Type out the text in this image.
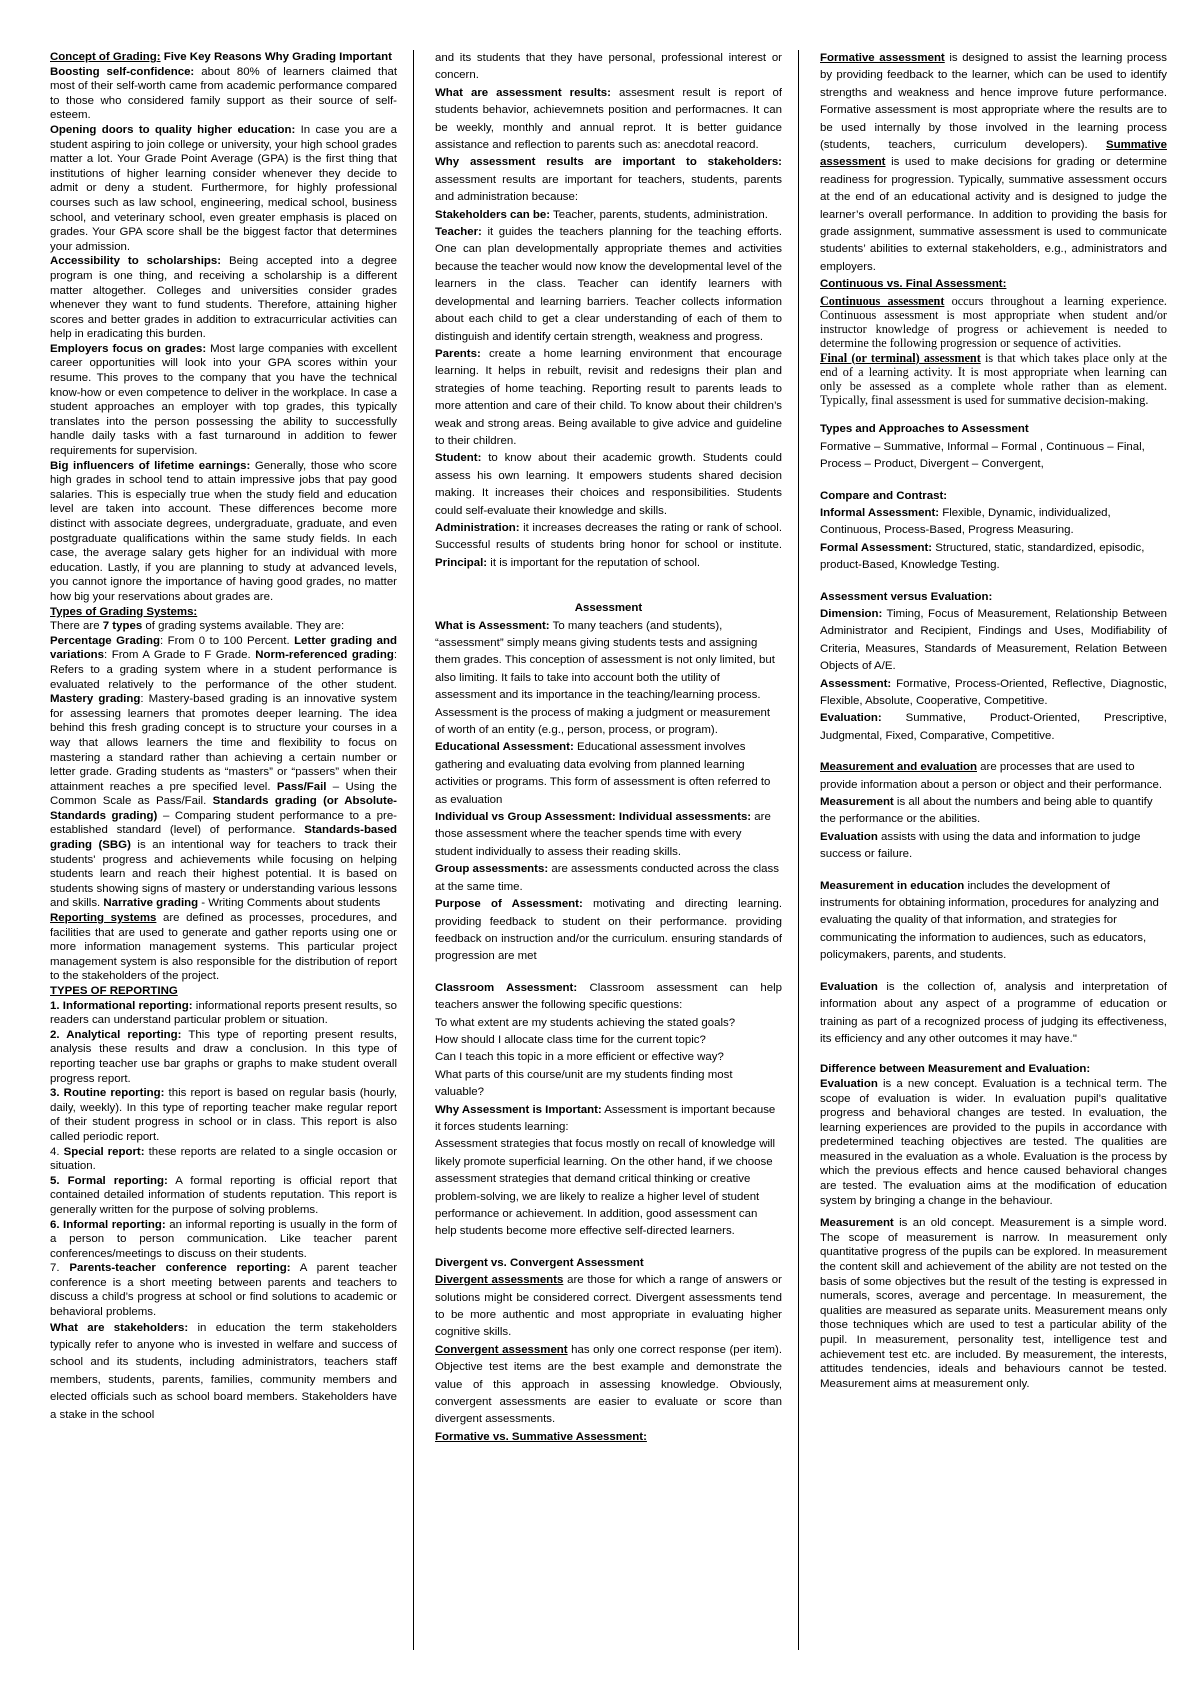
Concept of Grading: Five Key Reasons Why Grading Important

Boosting self-confidence: about 80% of learners claimed that most of their self-worth came from academic performance compared to those who considered family support as their source of self-esteem.

Opening doors to quality higher education: In case you are a student aspiring to join college or university, your high school grades matter a lot. Your Grade Point Average (GPA) is the first thing that institutions of higher learning consider whenever they decide to admit or deny a student. Furthermore, for highly professional courses such as law school, engineering, medical school, business school, and veterinary school, even greater emphasis is placed on grades. Your GPA score shall be the biggest factor that determines your admission.

Accessibility to scholarships: Being accepted into a degree program is one thing, and receiving a scholarship is a different matter altogether. Colleges and universities consider grades whenever they want to fund students. Therefore, attaining higher scores and better grades in addition to extracurricular activities can help in eradicating this burden.

Employers focus on grades: Most large companies with excellent career opportunities will look into your GPA scores within your resume. This proves to the company that you have the technical know-how or even competence to deliver in the workplace. In case a student approaches an employer with top grades, this typically translates into the person possessing the ability to successfully handle daily tasks with a fast turnaround in addition to fewer requirements for supervision.

Big influencers of lifetime earnings: Generally, those who score high grades in school tend to attain impressive jobs that pay good salaries. This is especially true when the study field and education level are taken into account. These differences become more distinct with associate degrees, undergraduate, graduate, and even postgraduate qualifications within the same study fields. In each case, the average salary gets higher for an individual with more education. Lastly, if you are planning to study at advanced levels, you cannot ignore the importance of having good grades, no matter how big your reservations about grades are.

Types of Grading Systems:

There are 7 types of grading systems available. They are:

Percentage Grading: From 0 to 100 Percent. Letter grading and variations: From A Grade to F Grade. Norm-referenced grading: Refers to a grading system where in a student performance is evaluated relatively to the performance of the other student. Mastery grading: Mastery-based grading is an innovative system for assessing learners that promotes deeper learning. The idea behind this fresh grading concept is to structure your courses in a way that allows learners the time and flexibility to focus on mastering a standard rather than achieving a certain number or letter grade. Grading students as “masters” or “passers” when their attainment reaches a pre specified level. Pass/Fail – Using the Common Scale as Pass/Fail. Standards grading (or Absolute-Standards grading) – Comparing student performance to a pre-established standard (level) of performance. Standards-based grading (SBG) is an intentional way for teachers to track their students' progress and achievements while focusing on helping students learn and reach their highest potential. It is based on students showing signs of mastery or understanding various lessons and skills. Narrative grading - Writing Comments about students

Reporting systems are defined as processes, procedures, and facilities that are used to generate and gather reports using one or more information management systems. This particular project management system is also responsible for the distribution of report to the stakeholders of the project.

TYPES OF REPORTING

1. Informational reporting: informational reports present results, so readers can understand particular problem or situation.

2. Analytical reporting: This type of reporting present results, analysis these results and draw a conclusion. In this type of reporting teacher use bar graphs or graphs to make student overall progress report.

3. Routine reporting: this report is based on regular basis (hourly, daily, weekly). In this type of reporting teacher make regular report of their student progress in school or in class. This report is also called periodic report.

4. Special report: these reports are related to a single occasion or situation.

5. Formal reporting: A formal reporting is official report that contained detailed information of students reputation. This report is generally written for the purpose of solving problems.

6. Informal reporting: an informal reporting is usually in the form of a person to person communication. Like teacher parent conferences/meetings to discuss on their students.

7. Parents-teacher conference reporting: A parent teacher conference is a short meeting between parents and teachers to discuss a child’s progress at school or find solutions to academic or behavioral problems.

What are stakeholders: in education the term stakeholders typically refer to anyone who is invested in welfare and success of school and its students, including administrators, teachers staff members, students, parents, families, community members and elected officials such as school board members. Stakeholders have a stake in the school

and its students that they have personal, professional interest or concern.

What are assessment results: assesment result is report of students behavior, achievemnets position and performacnes. It can be weekly, monthly and annual reprot. It is better guidance assistance and reflection to parents such as: anecdotal reacord.

Why assessment results are important to stakeholders: assessment results are important for teachers, students, parents and administration because:

Stakeholders can be: Teacher, parents, students, administration.

Teacher: it guides the teachers planning for the teaching efforts. One can plan developmentally appropriate themes and activities because the teacher would now know the developmental level of the learners in the class. Teacher can identify learners with developmental and learning barriers. Teacher collects information about each child to get a clear understanding of each of them to distinguish and identify certain strength, weakness and progress.

Parents: create a home learning environment that encourage learning. It helps in rebuilt, revisit and redesigns their plan and strategies of home teaching. Reporting result to parents leads to more attention and care of their child. To know about their children’s weak and strong areas. Being available to give advice and guideline to their children.

Student: to know about their academic growth. Students could assess his own learning. It empowers students shared decision making. It increases their choices and responsibilities. Students could self-evaluate their knowledge and skills.

Administration: it increases decreases the rating or rank of school. Successful results of students bring honor for school or institute. Principal: it is important for the reputation of school.

Assessment

What is Assessment: To many teachers (and students), “assessment” simply means giving students tests and assigning them grades. This conception of assessment is not only limited, but also limiting. It fails to take into account both the utility of assessment and its importance in the teaching/learning process. Assessment is the process of making a judgment or measurement of worth of an entity (e.g., person, process, or program).

Educational Assessment: Educational assessment involves gathering and evaluating data evolving from planned learning activities or programs. This form of assessment is often referred to as evaluation

Individual vs Group Assessment: Individual assessments: are those assessment where the teacher spends time with every student individually to assess their reading skills.

Group assessments: are assessments conducted across the class at the same time.

Purpose of Assessment: motivating and directing learning. providing feedback to student on their performance. providing feedback on instruction and/or the curriculum. ensuring standards of progression are met

Classroom Assessment: Classroom assessment can help teachers answer the following specific questions:

To what extent are my students achieving the stated goals?

How should I allocate class time for the current topic?

Can I teach this topic in a more efficient or effective way?

What parts of this course/unit are my students finding most valuable?

Why Assessment is Important: Assessment is important because it forces students learning:

Assessment strategies that focus mostly on recall of knowledge will likely promote superficial learning. On the other hand, if we choose assessment strategies that demand critical thinking or creative problem-solving, we are likely to realize a higher level of student performance or achievement. In addition, good assessment can help students become more effective self-directed learners.

Divergent vs. Convergent Assessment

Divergent assessments are those for which a range of answers or solutions might be considered correct. Divergent assessments tend to be more authentic and most appropriate in evaluating higher cognitive skills.

Convergent assessment has only one correct response (per item). Objective test items are the best example and demonstrate the value of this approach in assessing knowledge. Obviously, convergent assessments are easier to evaluate or score than divergent assessments.

Formative vs. Summative Assessment:

Formative assessment is designed to assist the learning process by providing feedback to the learner, which can be used to identify strengths and weakness and hence improve future performance. Formative assessment is most appropriate where the results are to be used internally by those involved in the learning process (students, teachers, curriculum developers). Summative assessment is used to make decisions for grading or determine readiness for progression. Typically, summative assessment occurs at the end of an educational activity and is designed to judge the learner’s overall performance. In addition to providing the basis for grade assignment, summative assessment is used to communicate students’ abilities to external stakeholders, e.g., administrators and employers.

Continuous vs. Final Assessment:

Continuous assessment occurs throughout a learning experience. Continuous assessment is most appropriate when student and/or instructor knowledge of progress or achievement is needed to determine the following progression or sequence of activities.

Final (or terminal) assessment is that which takes place only at the end of a learning activity. It is most appropriate when learning can only be assessed as a complete whole rather than as element. Typically, final assessment is used for summative decision-making.

Types and Approaches to Assessment

Formative – Summative, Informal – Formal , Continuous – Final, Process – Product, Divergent – Convergent,

Compare and Contrast:

Informal Assessment: Flexible, Dynamic, individualized, Continuous, Process-Based, Progress Measuring.

Formal Assessment: Structured, static, standardized, episodic, product-Based, Knowledge Testing.

Assessment versus Evaluation:

Dimension: Timing, Focus of Measurement, Relationship Between Administrator and Recipient, Findings and Uses, Modifiability of Criteria, Measures, Standards of Measurement, Relation Between Objects of A/E.

Assessment: Formative, Process-Oriented, Reflective, Diagnostic, Flexible, Absolute, Cooperative, Competitive.

Evaluation: Summative, Product-Oriented, Prescriptive, Judgmental, Fixed, Comparative, Competitive.

Measurement and evaluation are processes that are used to provide information about a person or object and their performance.

Measurement is all about the numbers and being able to quantify the performance or the abilities.

Evaluation assists with using the data and information to judge success or failure.

Measurement in education includes the development of instruments for obtaining information, procedures for analyzing and evaluating the quality of that information, and strategies for communicating the information to audiences, such as educators, policymakers, parents, and students.

Evaluation is the collection of, analysis and interpretation of information about any aspect of a programme of education or training as part of a recognized process of judging its effectiveness, its efficiency and any other outcomes it may have."

Difference between Measurement and Evaluation:

Evaluation is a new concept. Evaluation is a technical term. The scope of evaluation is wider. In evaluation pupil’s qualitative progress and behavioral changes are tested. In evaluation, the learning experiences are provided to the pupils in accordance with predetermined teaching objectives are tested. The qualities are measured in the evaluation as a whole. Evaluation is the process by which the previous effects and hence caused behavioral changes are tested. The evaluation aims at the modification of education system by bringing a change in the behaviour.

Measurement is an old concept. Measurement is a simple word. The scope of measurement is narrow. In measurement only quantitative progress of the pupils can be explored. In measurement the content skill and achievement of the ability are not tested on the basis of some objectives but the result of the testing is expressed in numerals, scores, average and percentage. In measurement, the qualities are measured as separate units. Measurement means only those techniques which are used to test a particular ability of the pupil. In measurement, personality test, intelligence test and achievement test etc. are included. By measurement, the interests, attitudes tendencies, ideals and behaviours cannot be tested. Measurement aims at measurement only.
